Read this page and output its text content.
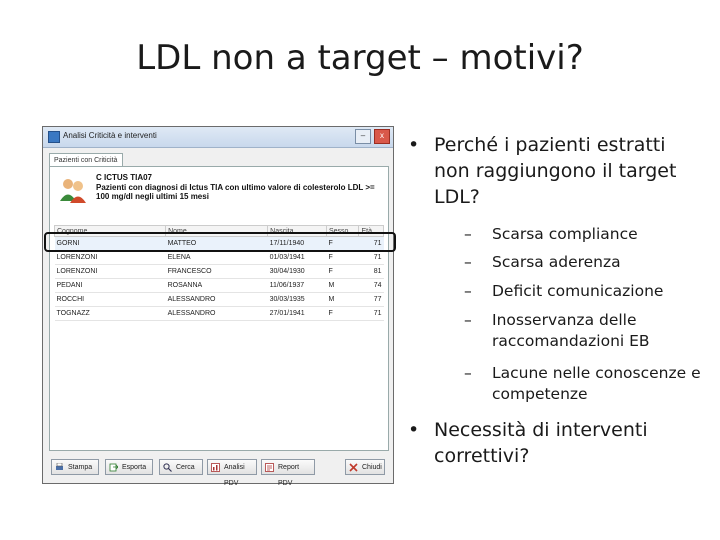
LDL non a target – motivi?
Analisi Criticità e interventi	–	x
Pazienti con Criticità
C ICTUS TIA07
Pazienti con diagnosi di Ictus TIA con ultimo valore di colesterolo LDL >= 100 mg/dl negli ultimi 15 mesi
Cognome	Nome	Nascita	Sesso	Età
GORNI	MATTEO	17/11/1940	F	71
LORENZONI	ELENA	01/03/1941	F	71
LORENZONI	FRANCESCO	30/04/1930	F	81
PEDANI	ROSANNA	11/06/1937	M	74
ROCCHI	ALESSANDRO	30/03/1935	M	77
TOGNAZZ	ALESSANDRO	27/01/1941	F	71
Stampa	Esporta	Cerca	Analisi PDV
Report PDV
Chiudi
• Perché i pazienti estratti non raggiungono il target LDL?
– Scarsa compliance
– Scarsa aderenza
– Deficit comunicazione
– Inosservanza delle raccomandazioni EB
– Lacune nelle conoscenze e competenze
• Necessità di interventi correttivi?
